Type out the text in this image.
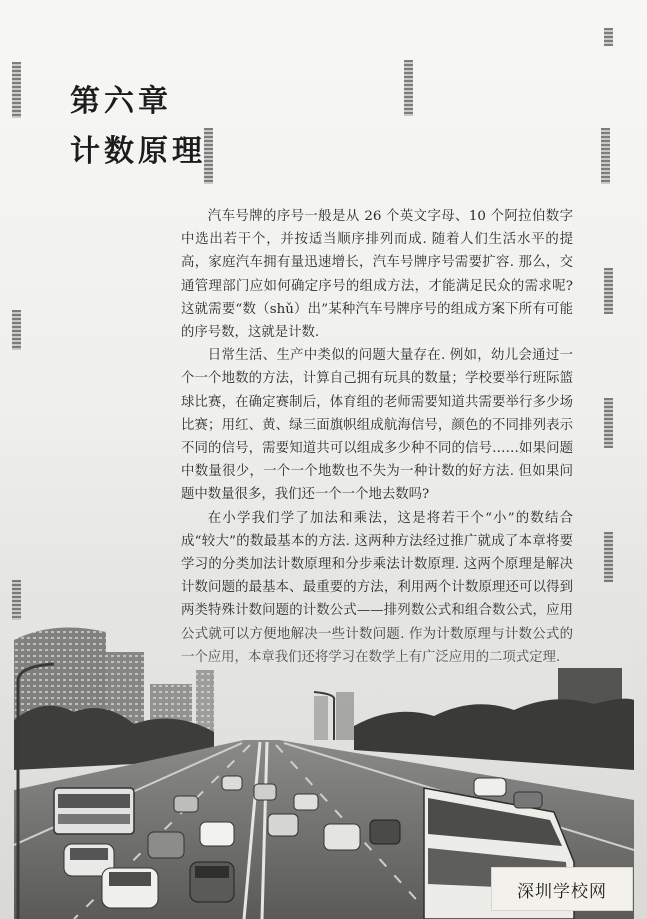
第六章
计数原理

汽车号牌的序号一般是从 26 个英文字母、10 个阿拉伯数字中选出若干个，并按适当顺序排列而成. 随着人们生活水平的提高，家庭汽车拥有量迅速增长，汽车号牌序号需要扩容. 那么，交通管理部门应如何确定序号的组成方法，才能满足民众的需求呢? 这就需要“数（shǔ）出”某种汽车号牌序号的组成方案下所有可能的序号数，这就是计数.

日常生活、生产中类似的问题大量存在. 例如，幼儿会通过一个一个地数的方法，计算自己拥有玩具的数量；学校要举行班际篮球比赛，在确定赛制后，体育组的老师需要知道共需要举行多少场比赛；用红、黄、绿三面旗帜组成航海信号，颜色的不同排列表示不同的信号，需要知道共可以组成多少种不同的信号……如果问题中数量很少，一个一个地数也不失为一种计数的好方法. 但如果问题中数量很多，我们还一个一个地去数吗?

在小学我们学了加法和乘法，这是将若干个“小”的数结合成“较大”的数最基本的方法. 这两种方法经过推广就成了本章将要学习的分类加法计数原理和分步乘法计数原理. 这两个原理是解决计数问题的最基本、最重要的方法，利用两个计数原理还可以得到

深圳学校网
